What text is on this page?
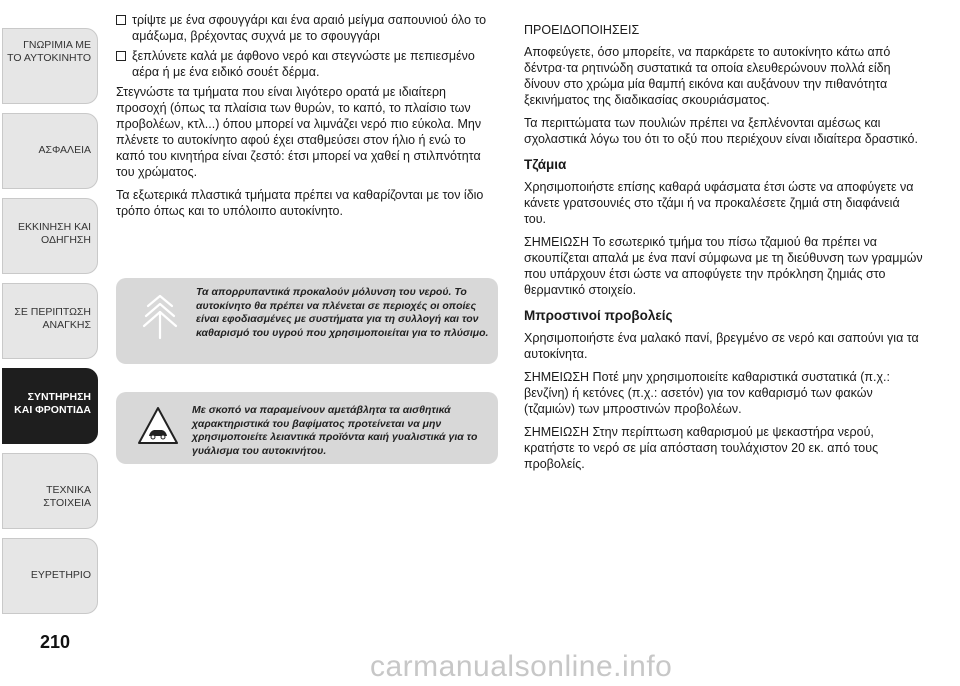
ΓΝΩΡΙΜΙΑ ΜΕ ΤΟ ΑΥΤΟΚΙΝΗΤΟ
ΑΣΦΑΛΕΙΑ
ΕΚΚΙΝΗΣΗ ΚΑΙ ΟΔΗΓΗΣΗ
ΣΕ ΠΕΡΙΠΤΩΣΗ ΑΝΑΓΚΗΣ
ΣΥΝΤΗΡΗΣΗ ΚΑΙ ΦΡΟΝΤΙΔΑ
ΤΕΧΝΙΚΑ ΣΤΟΙΧΕΙΑ
ΕΥΡΕΤΗΡΙΟ
210
τρίψτε με ένα σφουγγάρι και ένα αραιό μείγμα σαπουνιού όλο το αμάξωμα, βρέχοντας συχνά με το σφουγγάρι
ξεπλύνετε καλά με άφθονο νερό και στεγνώστε με πεπιεσμένο αέρα ή με ένα ειδικό σουέτ δέρμα.

Στεγνώστε τα τμήματα που είναι λιγότερο ορατά με ιδιαίτερη προσοχή (όπως τα πλαίσια των θυρών, το καπό, το πλαίσιο των προβολέων, κτλ...) όπου μπορεί να λιμνάζει νερό πιο εύκολα. Μην πλένετε το αυτοκίνητο αφού έχει σταθμεύσει στον ήλιο ή ενώ το καπό του κινητήρα είναι ζεστό: έτσι μπορεί να χαθεί η στιλπνότητα του χρώματος.

Τα εξωτερικά πλαστικά τμήματα πρέπει να καθαρίζονται με τον ίδιο τρόπο όπως και το υπόλοιπο αυτοκίνητο.

Τα απορρυπαντικά προκαλούν μόλυνση του νερού. Το αυτοκίνητο θα πρέπει να πλένεται σε περιοχές οι οποίες είναι εφοδιασμένες με συστήματα για τη συλλογή και τον καθαρισμό του υγρού που χρησιμοποιείται για το πλύσιμο.
Με σκοπό να παραμείνουν αμετάβλητα τα αισθητικά χαρακτηριστικά του βαφίματος προτείνεται να μην χρησιμοποιείτε λειαντικά προϊόντα καιή γυαλιστικά για το γυάλισμα του αυτοκινήτου.

ΠΡΟΕΙΔΟΠΟΙΗΣΕΙΣ

Αποφεύγετε, όσο μπορείτε, να παρκάρετε το αυτοκίνητο κάτω από δέντρα·τα ρητινώδη συστατικά τα οποία ελευθερώνουν πολλά είδη δίνουν στο χρώμα μία θαμπή εικόνα και αυξάνουν την πιθανότητα ξεκινήματος της διαδικασίας σκουριάσματος.

Τα περιττώματα των πουλιών πρέπει να ξεπλένονται αμέσως και σχολαστικά λόγω του ότι το οξύ που περιέχουν είναι ιδιαίτερα δραστικό.

Τζάμια

Χρησιμοποιήστε επίσης καθαρά υφάσματα έτσι ώστε να αποφύγετε να κάνετε γρατσουνιές στο τζάμι ή να προκαλέσετε ζημιά στη διαφάνειά του.

ΣΗΜΕΙΩΣΗ Το εσωτερικό τμήμα του πίσω τζαμιού θα πρέπει να σκουπίζεται απαλά με ένα πανί σύμφωνα με τη διεύθυνση των γραμμών που υπάρχουν έτσι ώστε να αποφύγετε την πρόκληση ζημιάς στο θερμαντικό στοιχείο.

Μπροστινοί προβολείς

Χρησιμοποιήστε ένα μαλακό πανί, βρεγμένο σε νερό και σαπούνι για τα αυτοκίνητα.

ΣΗΜΕΙΩΣΗ Ποτέ μην χρησιμοποιείτε καθαριστικά συστατικά (π.χ.: βενζίνη) ή κετόνες (π.χ.: ασετόν) για τον καθαρισμό των φακών (τζαμιών) των μπροστινών προβολέων.

ΣΗΜΕΙΩΣΗ Στην περίπτωση καθαρισμού με ψεκαστήρα νερού, κρατήστε το νερό σε μία απόσταση τουλάχιστον 20 εκ. από τους προβολείς.

carmanualsonline.info
